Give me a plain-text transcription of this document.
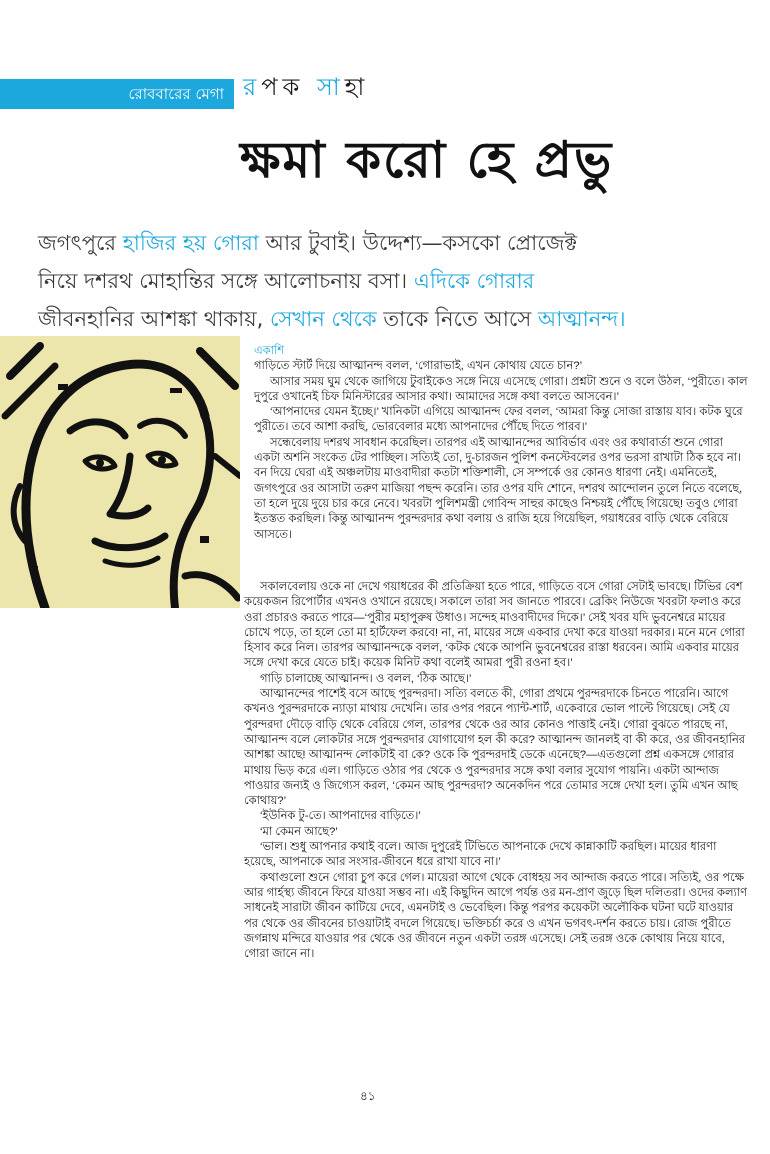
রোববারের মেগা রপক সাহা
ক্ষমা করো হে প্রভু
জগৎপুরে হাজির হয় গোরা আর টুবাই। উদ্দেশ্য—কসকো প্রোজেক্ট
নিয়ে দশরথ মোহান্তির সঙ্গে আলোচনায় বসা। এদিকে গোরার
জীবনহানির আশঙ্কা থাকায়, সেখান থেকে তাকে নিতে আসে আত্মানন্দ।
একাশি

গাড়িতে স্টার্ট দিয়ে আত্মানন্দ বলল, ‘গোরাভাই, এখন কোথায় যেতে চান?’

আসার সময় ঘুম থেকে জাগিয়ে টুবাইকেও সঙ্গে নিয়ে এসেছে গোরা। প্রশ্নটা শুনে ও বলে উঠল, ‘পুরীতে। কাল দুপুরে ওখানেই চিফ মিনিস্টারের আসার কথা। আমাদের সঙ্গে কথা বলতে আসবেন।’

‘আপনাদের যেমন ইচ্ছে।’ খানিকটা এগিয়ে আত্মানন্দ ফের বলল, ‘আমরা কিন্তু সোজা রাস্তায় যাব। কটক ঘুরে পুরীতে। তবে আশা করছি, ভোরবেলার মধ্যে আপনাদের পৌঁছে দিতে পারব।’

সন্ধেবেলায় দশরথ সাবধান করেছিল। তারপর এই আত্মানন্দের আবির্ভাব এবং ওর কথাবার্তা শুনে গোরা একটা অশনি সংকেত টের পাচ্ছিল। সত্যিই তো, দু-চারজন পুলিশ কনস্টেবলের ওপর ভরসা রাখাটা ঠিক হবে না। বন দিয়ে ঘেরা এই অঞ্চলটায় মাওবাদীরা কতটা শক্তিশালী, সে সম্পর্কে ওর কোনও ধারণা নেই। এমনিতেই, জগৎপুরে ওর আসাটা তরুণ মাজিয়া পছন্দ করেনি। তার ওপর যদি শোনে, দশরথ আন্দোলন তুলে নিতে বলেছে, তা হলে দুয়ে দুয়ে চার করে নেবে। খবরটা পুলিশমন্ত্রী গোবিন্দ সাহুর কাছেও নিশ্চয়ই পৌঁছে গিয়েছে! তবুও গোরা ইতস্তত করছিল। কিন্তু আত্মানন্দ পুরন্দরদার কথা বলায় ও রাজি হয়ে গিয়েছিল, গয়াধরের বাড়ি থেকে বেরিয়ে আসতে।

সকালবেলায় ওকে না দেখে গয়াধরের কী প্রতিক্রিয়া হতে পারে, গাড়িতে বসে গোরা সেটাই ভাবছে। টিভির বেশ কয়েকজন রিপোর্টার এখনও ওখানে রয়েছে। সকালে তারা সব জানতে পারবে। ব্রেকিং নিউজে খবরটা ফলাও করে ওরা প্রচারও করতে পারে—‘পুরীর মহাপুরুষ উধাও। সন্দেহ মাওবাদীদের দিকে।’ সেই খবর যদি ভুবনেশ্বরে মায়ের চোখে পড়ে, তা হলে তো মা হার্টফেল করবে! না, না, মায়ের সঙ্গে একবার দেখা করে যাওয়া দরকার। মনে মনে গোরা হিসাব করে নিল। তারপর আত্মানন্দকে বলল, ‘কটক থেকে আপনি ভুবনেশ্বরের রাস্তা ধরবেন। আমি একবার মায়ের সঙ্গে দেখা করে যেতে চাই। কয়েক মিনিট কথা বলেই আমরা পুরী রওনা হব।’

গাড়ি চালাচ্ছে আত্মানন্দ। ও বলল, ‘ঠিক আছে।’

আত্মানন্দের পাশেই বসে আছে পুরন্দরদা। সত্যি বলতে কী, গোরা প্রথমে পুরন্দরদাকে চিনতে পারেনি। আগে কখনও পুরন্দরদাকে ন্যাড়া মাথায় দেখেনি। তার ওপর পরনে প্যান্ট-শার্ট, একেবারে ভোল পাল্টে গিয়েছে। সেই যে পুরন্দরদা দৌড়ে বাড়ি থেকে বেরিয়ে গেল, তারপর থেকে ওর আর কোনও পাত্তাই নেই। গোরা বুঝতে পারছে না, আত্মানন্দ বলে লোকটার সঙ্গে পুরন্দরদার যোগাযোগ হল কী করে? আত্মানন্দ জানলই বা কী করে, ওর জীবনহানির আশঙ্কা আছে! আত্মানন্দ লোকটাই বা কে? ওকে কি পুরন্দরদাই ডেকে এনেছে?—এতগুলো প্রশ্ন একসঙ্গে গোরার মাথায় ভিড় করে এল। গাড়িতে ওঠার পর থেকে ও পুরন্দরদার সঙ্গে কথা বলার সুযোগ পায়নি। একটা আন্দাজ পাওয়ার জন্যই ও জিগ্যেস করল, ‘কেমন আছ পুরন্দরদা? অনেকদিন পরে তোমার সঙ্গে দেখা হল। তুমি এখন আছ কোথায়?’

‘ইউনিক টু-তে। আপনাদের বাড়িতে।’

‘মা কেমন আছে?’

‘ভাল। শুধু আপনার কথাই বলে। আজ দুপুরেই টিভিতে আপনাকে দেখে কান্নাকাটি করছিল। মায়ের ধারণা হয়েছে, আপনাকে আর সংসার-জীবনে ধরে রাখা যাবে না।’

কথাগুলো শুনে গোরা চুপ করে গেল। মায়েরা আগে থেকে বোধহয় সব আন্দাজ করতে পারে। সত্যিই, ওর পক্ষে আর গার্হস্থ্য জীবনে ফিরে যাওয়া সম্ভব না। এই কিছুদিন আগে পর্যন্ত ওর মন-প্রাণ জুড়ে ছিল দলিতরা। ওদের কল্যাণ সাধনেই সারাটা জীবন কাটিয়ে দেবে, এমনটাই ও ভেবেছিল। কিন্তু পরপর কয়েকটা অলৌকিক ঘটনা ঘটে যাওয়ার পর থেকে ওর জীবনের চাওয়াটাই বদলে গিয়েছে। ভক্তিচর্চা করে ও এখন ভগবৎ-দর্শন করতে চায়। রোজ পুরীতে জগন্নাথ মন্দিরে যাওয়ার পর থেকে ওর জীবনে নতুন একটা তরঙ্গ এসেছে। সেই তরঙ্গ ওকে কোথায় নিয়ে যাবে, গোরা জানে না।

৪১
